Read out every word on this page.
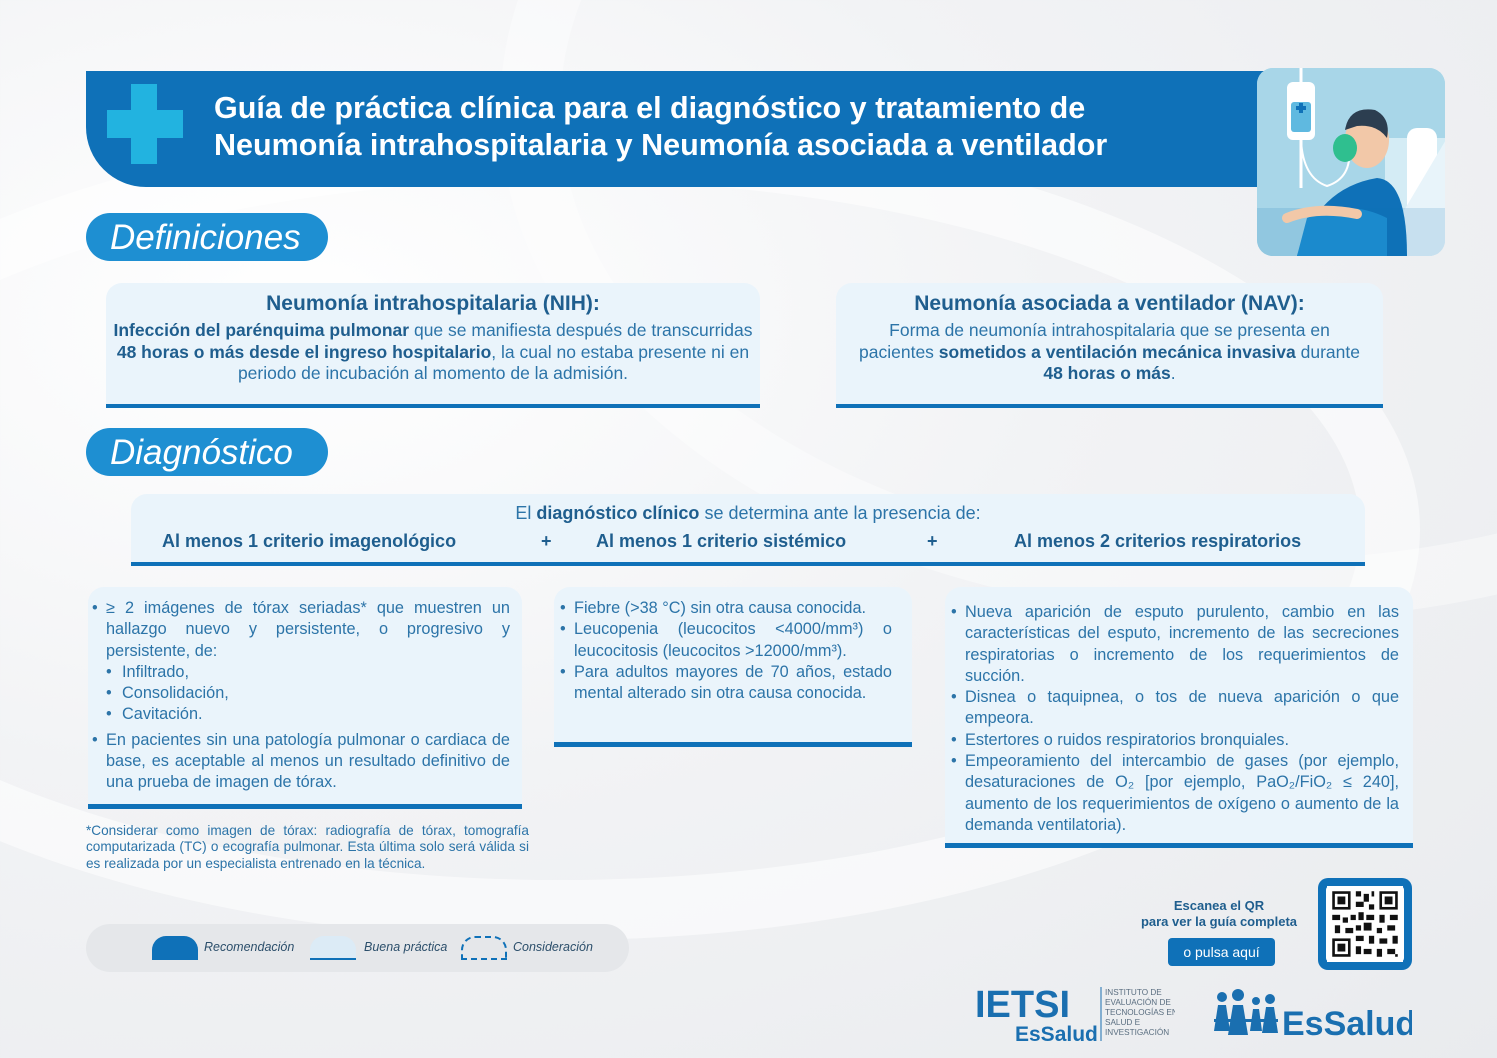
Guía de práctica clínica para el diagnóstico y tratamiento de
Neumonía intrahospitalaria y Neumonía asociada a ventilador
Definiciones
Neumonía intrahospitalaria (NIH):

Infección del parénquima pulmonar que se manifiesta después de transcurridas 48 horas o más desde el ingreso hospitalario, la cual no estaba presente ni en periodo de incubación al momento de la admisión.

Neumonía asociada a ventilador (NAV):

Forma de neumonía intrahospitalaria que se presenta en pacientes sometidos a ventilación mecánica invasiva durante 48 horas o más.

Diagnóstico
El diagnóstico clínico se determina ante la presencia de:
Al menos 1 criterio imagenológico	+ Al menos 1 criterio sistémico	+	Al menos 2 criterios respiratorios
• ≥ 2 imágenes de tórax seriadas* que muestren un hallazgo nuevo y persistente, o progresivo y persistente, de:
• Infiltrado,
• Consolidación,
• Cavitación.
• En pacientes sin una patología pulmonar o cardiaca de base, es aceptable al menos un resultado definitivo de una prueba de imagen de tórax.
• Fiebre (>38 °C) sin otra causa conocida.
• Leucopenia (leucocitos <4000/mm³) o leucocitosis (leucocitos >12000/mm³).
• Para adultos mayores de 70 años, estado mental alterado sin otra causa conocida.
• Nueva aparición de esputo purulento, cambio en las características del esputo, incremento de las secreciones respiratorias o incremento de los requerimientos de succión.
• Disnea o taquipnea, o tos de nueva aparición o que empeora.
• Estertores o ruidos respiratorios bronquiales.
• Empeoramiento del intercambio de gases (por ejemplo, desaturaciones de O₂ [por ejemplo, PaO₂/FiO₂ ≤ 240], aumento de los requerimientos de oxígeno o aumento de la demanda ventilatoria).

*Considerar como imagen de tórax: radiografía de tórax, tomografía computarizada (TC) o ecografía pulmonar. Esta última solo será válida si es realizada por un especialista entrenado en la técnica.

Recomendación	Buena práctica	Consideración
Escanea el QR
para ver la guía completa
o pulsa aquí
IETSI
EsSalud
INSTITUTO DE
EVALUACIÓN DE
TECNOLOGÍAS EN
SALUD E
INVESTIGACIÓN	EsSalud
